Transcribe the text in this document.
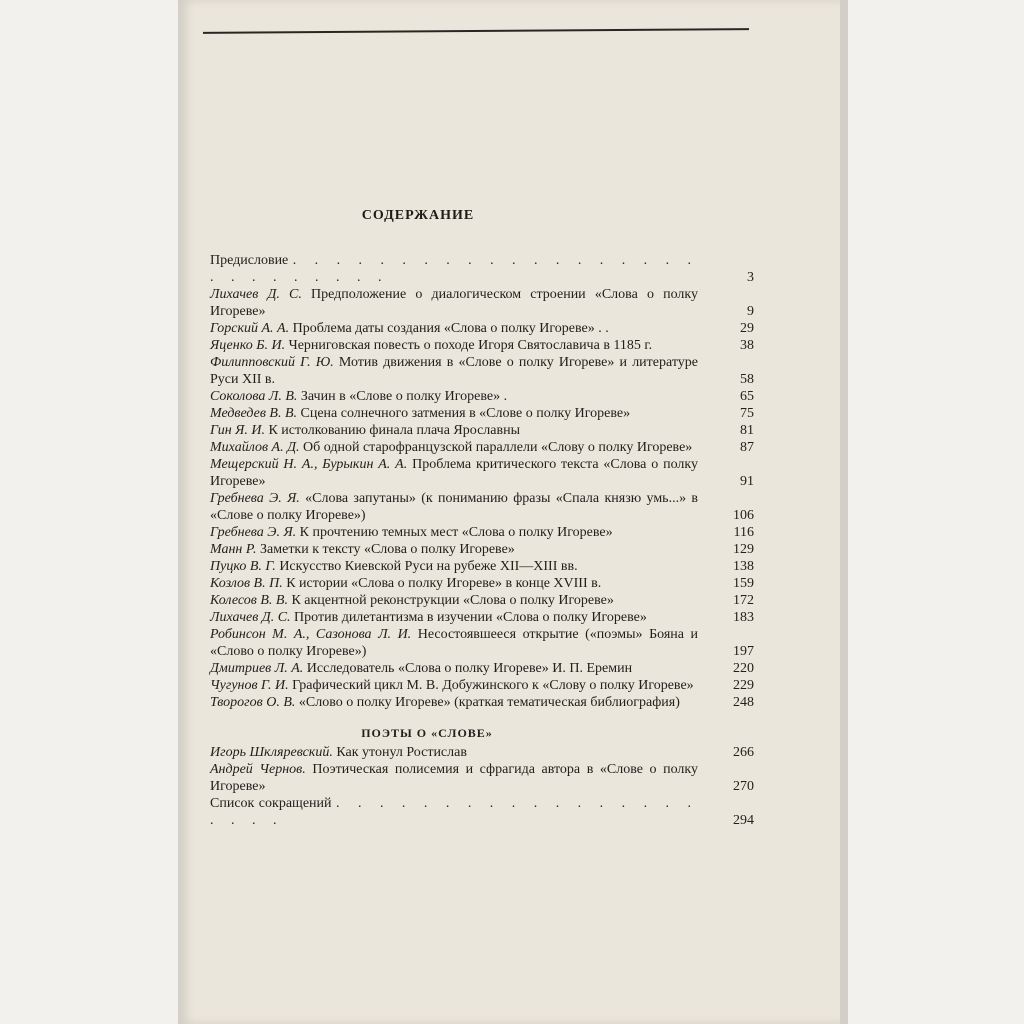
СОДЕРЖАНИЕ
Предисловие . . . . . . . . . . . . . . . . . . . . . . . . . . . .	3
Лихачев Д. С. Предположение о диалогическом строении «Слова о полку Игореве»	9
Горский А. А. Проблема даты создания «Слова о полку Игореве» . .	29
Яценко Б. И. Черниговская повесть о походе Игоря Святославича в 1185 г.	38
Филипповский Г. Ю. Мотив движения в «Слове о полку Игореве» и литературе Руси XII в.	58
Соколова Л. В. Зачин в «Слове о полку Игореве» .	65
Медведев В. В. Сцена солнечного затмения в «Слове о полку Игореве»	75
Гин Я. И. К истолкованию финала плача Ярославны	81
Михайлов А. Д. Об одной старофранцузской параллели «Слову о полку Игореве»	87
Мещерский Н. А., Бурыкин А. А. Проблема критического текста «Слова о полку Игореве»	91
Гребнева Э. Я. «Слова запутаны» (к пониманию фразы «Спала князю умь...» в «Слове о полку Игореве»)	106
Гребнева Э. Я. К прочтению темных мест «Слова о полку Игореве»	116
Манн Р. Заметки к тексту «Слова о полку Игореве»	129
Пуцко В. Г. Искусство Киевской Руси на рубеже XII—XIII вв.	138
Козлов В. П. К истории «Слова о полку Игореве» в конце XVIII в.	159
Колесов В. В. К акцентной реконструкции «Слова о полку Игореве»	172
Лихачев Д. С. Против дилетантизма в изучении «Слова о полку Игореве»	183
Робинсон М. А., Сазонова Л. И. Несостоявшееся открытие («поэмы» Бояна и «Слово о полку Игореве»)	197
Дмитриев Л. А. Исследователь «Слова о полку Игореве» И. П. Еремин	220
Чугунов Г. И. Графический цикл М. В. Добужинского к «Слову о полку Игореве»	229
Творогов О. В. «Слово о полку Игореве» (краткая тематическая библиография)	248
ПОЭТЫ О «СЛОВЕ»
Игорь Шкляревский. Как утонул Ростислав	266
Андрей Чернов. Поэтическая полисемия и сфрагида автора в «Слове о полку Игореве»	270
Список сокращений . . . . . . . . . . . . . . . . . . . . .	294
